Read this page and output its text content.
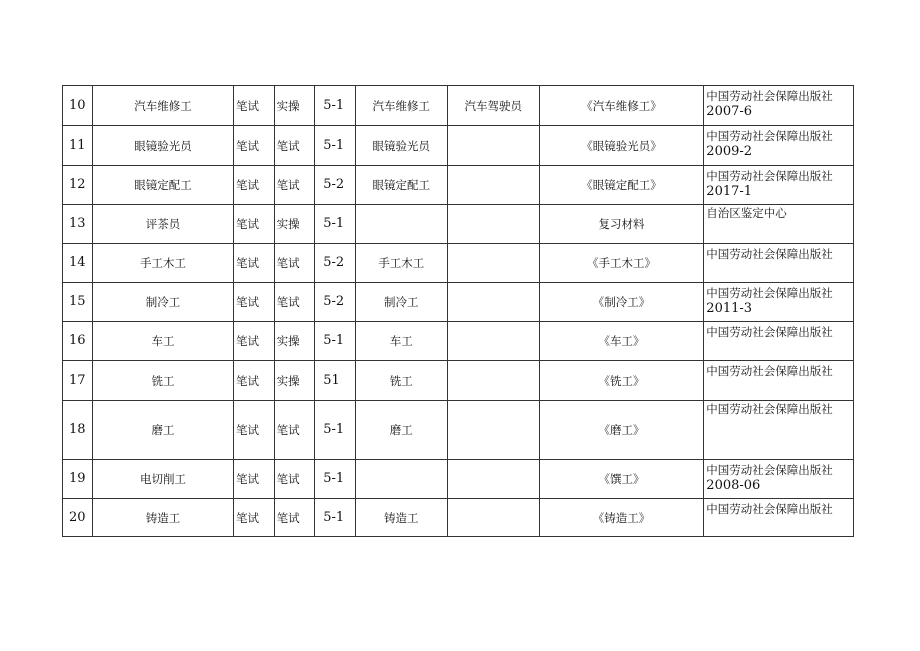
10	汽车维修工	笔试	实操	5-1	汽车维修工	汽车驾驶员	《汽车维修工》	中国劳动社会保障出版社
2007-6

11	眼镜验光员	笔试	笔试	5-1	眼镜验光员		《眼镜验光员》	中国劳动社会保障出版社
2009-2

12	眼镜定配工	笔试	笔试	5-2	眼镜定配工		《眼镜定配工》	中国劳动社会保障出版社
2017-1

13	评茶员	笔试	实操	5-1			复习材料	自治区鉴定中心

14	手工木工	笔试	笔试	5-2	手工木工		《手工木工》	中国劳动社会保障出版社

15	制冷工	笔试	笔试	5-2	制冷工		《制冷工》	中国劳动社会保障出版社
2011-3

16	车工	笔试	实操	5-1	车工		《车工》	中国劳动社会保障出版社

17	铣工	笔试	实操	51	铣工		《铣工》	中国劳动社会保障出版社

18	磨工	笔试	笔试	5-1	磨工		《磨工》	中国劳动社会保障出版社

19	电切削工	笔试	笔试	5-1			《馔工》	中国劳动社会保障出版社
2008-06

20	铸造工	笔试	笔试	5-1	铸造工		《铸造工》	中国劳动社会保障出版社
